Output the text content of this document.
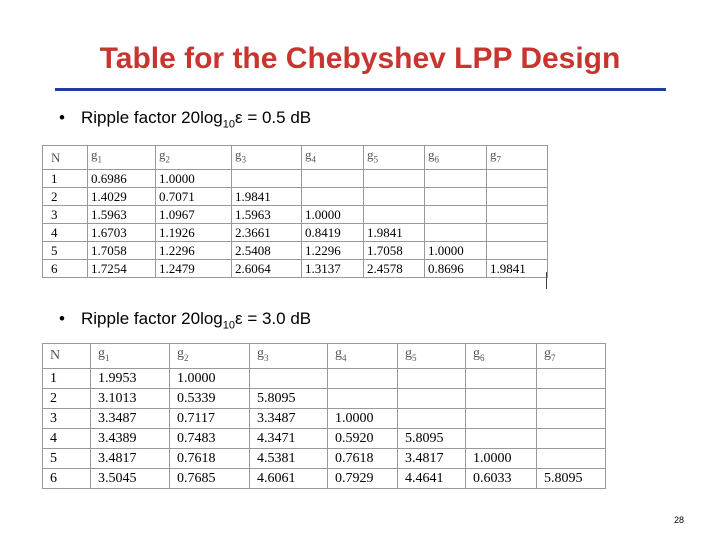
Table for the Chebyshev LPP Design
• Ripple factor $20\log_{10}\varepsilon = 0.5$ dB
N	$g_1$	$g_2$	$g_3$	$g_4$	$g_5$	$g_6$	$g_7$
1	0.6986	1.0000					
2	1.4029	0.7071	1.9841				
3	1.5963	1.0967	1.5963	1.0000			
4	1.6703	1.1926	2.3661	0.8419	1.9841		
5	1.7058	1.2296	2.5408	1.2296	1.7058	1.0000	
6	1.7254	1.2479	2.6064	1.3137	2.4578	0.8696	1.9841
• Ripple factor $20\log_{10}\varepsilon = 3.0$ dB
N	$g_1$	$g_2$	$g_3$	$g_4$	$g_5$	$g_6$	$g_7$
1	1.9953	1.0000					
2	3.1013	0.5339	5.8095				
3	3.3487	0.7117	3.3487	1.0000			
4	3.4389	0.7483	4.3471	0.5920	5.8095		
5	3.4817	0.7618	4.5381	0.7618	3.4817	1.0000	
6	3.5045	0.7685	4.6061	0.7929	4.4641	0.6033	5.8095
28
